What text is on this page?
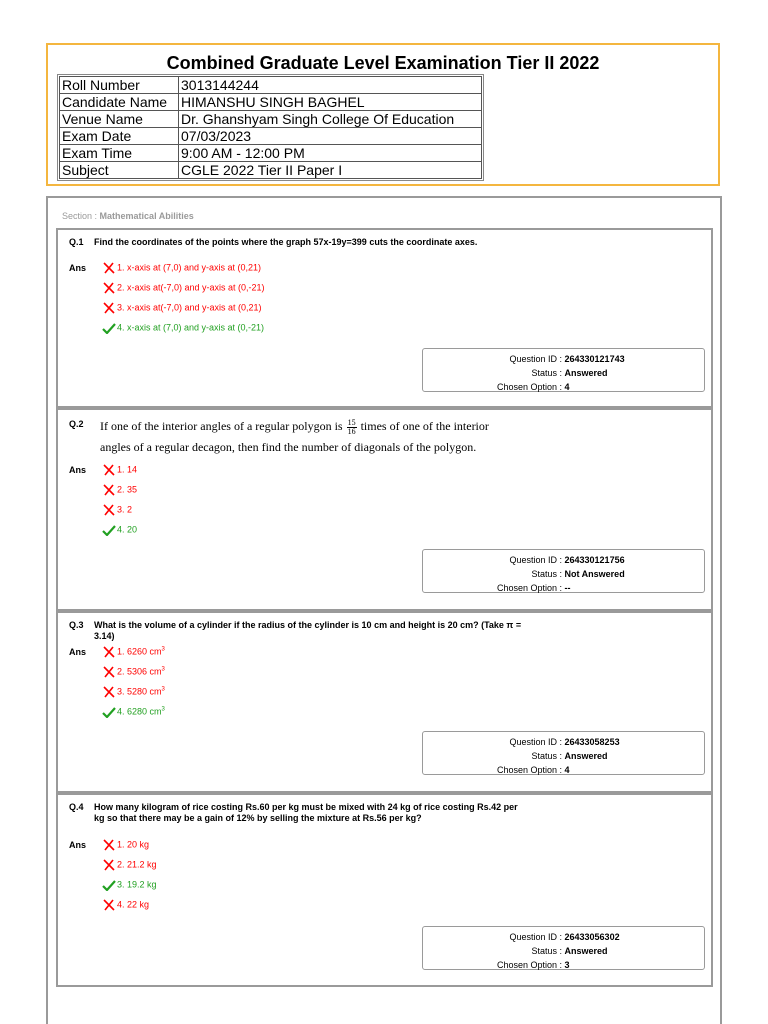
Combined Graduate Level Examination Tier II 2022
Roll Number	3013144244
Candidate Name	HIMANSHU SINGH BAGHEL
Venue Name	Dr. Ghanshyam Singh College Of Education
Exam Date	07/03/2023
Exam Time	9:00 AM - 12:00 PM
Subject	CGLE 2022 Tier II Paper I
Section : Mathematical Abilities
Q.1 Find the coordinates of the points where the graph 57x-19y=399 cuts the coordinate axes.
Ans	1. x-axis at (7,0) and y-axis at (0,21)
2. x-axis at(-7,0) and y-axis at (0,-21)
3. x-axis at(-7,0) and y-axis at (0,21)
4. x-axis at (7,0) and y-axis at (0,-21)
Question ID : 264330121743
Status : Answered
Chosen Option : 4
Q.2 If one of the interior angles of a regular polygon is $\frac{15}{16}$ times of one of the interior
angles of a regular decagon, then find the number of diagonals of the polygon.
Ans	1. 14
2. 35
3. 2
4. 20
Question ID : 264330121756
Status : Not Answered
Chosen Option : --
Q.3 What is the volume of a cylinder if the radius of the cylinder is 10 cm and height is 20 cm? (Take π = 3.14)
Ans	1. 6260 $cm^3$
2. 5306 $cm^3$
3. 5280 $cm^3$
4. 6280 $cm^3$
Question ID : 26433058253
Status : Answered
Chosen Option : 4
Q.4 How many kilogram of rice costing Rs.60 per kg must be mixed with 24 kg of rice costing Rs.42 per kg so that there may be a gain of 12% by selling the mixture at Rs.56 per kg?
Ans	1. 20 kg
2. 21.2 kg
3. 19.2 kg
4. 22 kg
Question ID : 26433056302
Status : Answered
Chosen Option : 3
